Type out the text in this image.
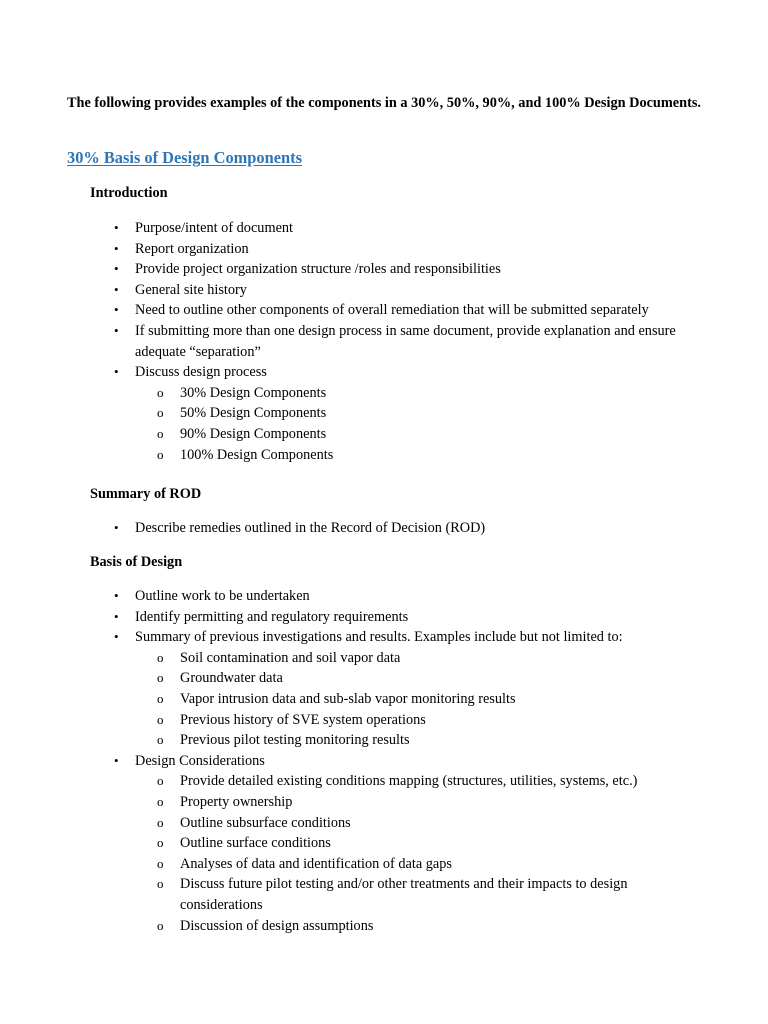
The following provides examples of the components in a 30%, 50%, 90%, and 100% Design Documents.

30% Basis of Design Components
Introduction
• Purpose/intent of document
• Report organization
• Provide project organization structure /roles and responsibilities
• General site history
• Need to outline other components of overall remediation that will be submitted separately
• If submitting more than one design process in same document, provide explanation and ensure adequate “separation”
• Discuss design process
o 30% Design Components
o 50% Design Components
o 90% Design Components
o 100% Design Components
Summary of ROD
• Describe remedies outlined in the Record of Decision (ROD)
Basis of Design
• Outline work to be undertaken
• Identify permitting and regulatory requirements
• Summary of previous investigations and results. Examples include but not limited to:
o Soil contamination and soil vapor data
o Groundwater data
o Vapor intrusion data and sub-slab vapor monitoring results
o Previous history of SVE system operations
o Previous pilot testing monitoring results
• Design Considerations
o Provide detailed existing conditions mapping (structures, utilities, systems, etc.)
o Property ownership
o Outline subsurface conditions
o Outline surface conditions
o Analyses of data and identification of data gaps
o Discuss future pilot testing and/or other treatments and their impacts to design considerations
o Discussion of design assumptions
